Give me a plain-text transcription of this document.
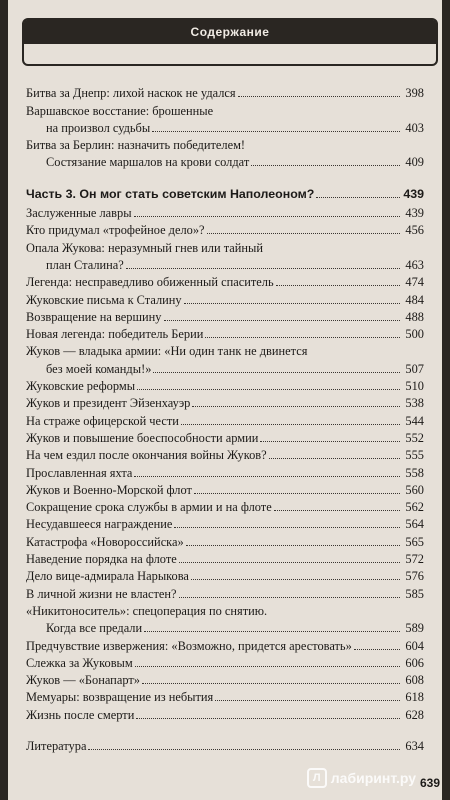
Содержание
Битва за Днепр: лихой наскок не удался	398
Варшавское восстание: брошенные
на произвол судьбы	403
Битва за Берлин: назначить победителем!
Состязание маршалов на крови солдат	409
Часть 3. Он мог стать советским Наполеоном?	439
Заслуженные лавры	439
Кто придумал «трофейное дело»?	456
Опала Жукова: неразумный гнев или тайный
план Сталина?	463
Легенда: несправедливо обиженный спаситель	474
Жуковские письма к Сталину	484
Возвращение на вершину	488
Новая легенда: победитель Берии	500
Жуков — владыка армии: «Ни один танк не двинется
без моей команды!»	507
Жуковские реформы	510
Жуков и президент Эйзенхауэр	538
На страже офицерской чести	544
Жуков и повышение боеспособности армии	552
На чем ездил после окончания войны Жуков?	555
Прославленная яхта	558
Жуков и Военно-Морской флот	560
Сокращение срока службы в армии и на флоте	562
Несудавшееся награждение	564
Катастрофа «Новороссийска»	565
Наведение порядка на флоте	572
Дело вице-адмирала Нарыкова	576
В личной жизни не властен?	585
«Никитоноситель»: спецоперация по снятию.
Когда все предали	589
Предчувствие извержения: «Возможно, придется арестовать»	604
Слежка за Жуковым	606
Жуков — «Бонапарт»	608
Мемуары: возвращение из небытия	618
Жизнь после смерти	628
Литература	634
Л лабиринт.ру 639
